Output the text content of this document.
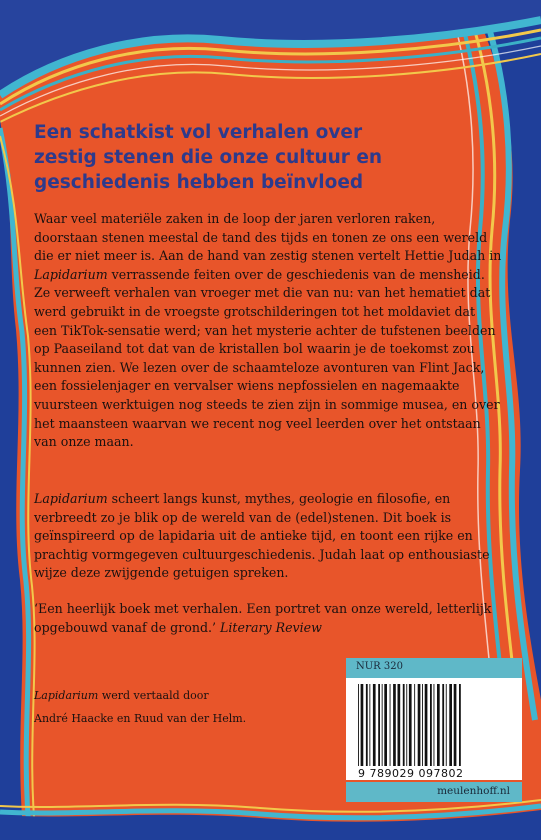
Een schatkist vol verhalen over
zestig stenen die onze cultuur en
geschiedenis hebben beïnvloed

Waar veel materiële zaken in de loop der jaren verloren raken, doorstaan stenen meestal de tand des tijds en tonen ze ons een wereld die er niet meer is. Aan de hand van zestig stenen vertelt Hettie Judah in Lapidarium verrassende feiten over de geschiedenis van de mensheid. Ze verweeft verhalen van vroeger met die van nu: van het hematiet dat werd gebruikt in de vroegste grotschilderingen tot het moldaviet dat een TikTok-sensatie werd; van het mysterie achter de tufstenen beelden op Paaseiland tot dat van de kristallen bol waarin je de toekomst zou kunnen zien. We lezen over de schaamteloze avonturen van Flint Jack, een fossielenjager en vervalser wiens nepfossielen en nagemaakte vuursteen werktuigen nog steeds te zien zijn in sommige musea, en over het maansteen waarvan we recent nog veel leerden over het ontstaan van onze maan.

Lapidarium scheert langs kunst, mythes, geologie en filosofie, en verbreedt zo je blik op de wereld van de (edel)stenen. Dit boek is geïnspireerd op de lapidaria uit de antieke tijd, en toont een rijke en prachtig vormgegeven cultuurgeschiedenis. Judah laat op enthousiaste wijze deze zwijgende getuigen spreken.

‘Een heerlijk boek met verhalen. Een portret van onze wereld, letterlijk opgebouwd vanaf de grond.’ Literary Review

Lapidarium werd vertaald door
André Haacke en Ruud van der Helm.

NUR 320
9 789029 097802
meulenhoff.nl
